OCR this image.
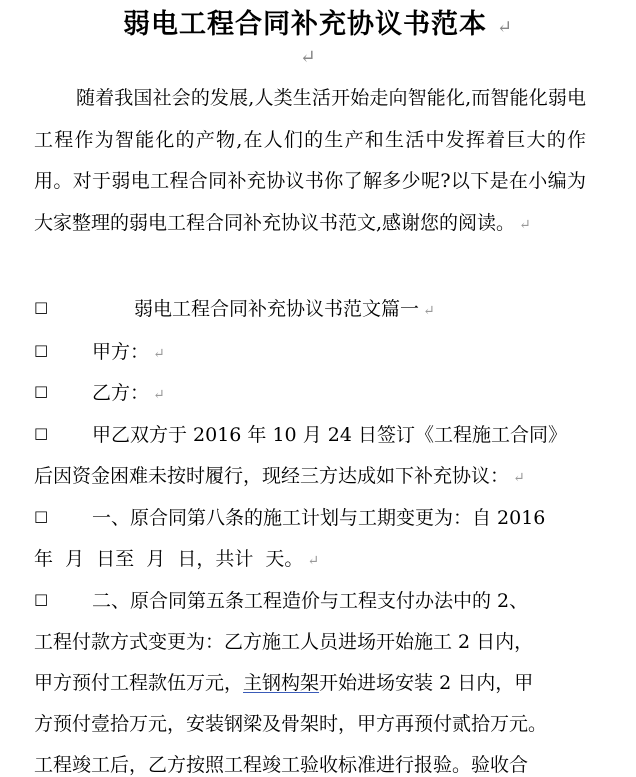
弱电工程合同补充协议书范本 ↵
↵

随着我国社会的发展,人类生活开始走向智能化,而智能化弱电工程作为智能化的产物,在人们的生产和生活中发挥着巨大的作用。对于弱电工程合同补充协议书你了解多少呢?以下是在小编为大家整理的弱电工程合同补充协议书范文,感谢您的阅读。 ↵

□	弱电工程合同补充协议书范文篇一 ↵
□ 甲方： ↵
□ 乙方： ↵
□ 甲乙双方于 2016 年 10 月 24 日签订《工程施工合同》
后因资金困难未按时履行，现经三方达成如下补充协议： ↵
□ 一、原合同第八条的施工计划与工期变更为：自 2016
年  月  日至  月  日，共计  天。 ↵
□ 二、原合同第五条工程造价与工程支付办法中的 2、
工程付款方式变更为：乙方施工人员进场开始施工 2 日内，
甲方预付工程款伍万元，主钢构架开始进场安装 2 日内，甲
方预付壹拾万元，安装钢梁及骨架时，甲方再预付贰拾万元。
工程竣工后，乙方按照工程竣工验收标准进行报验。验收合
